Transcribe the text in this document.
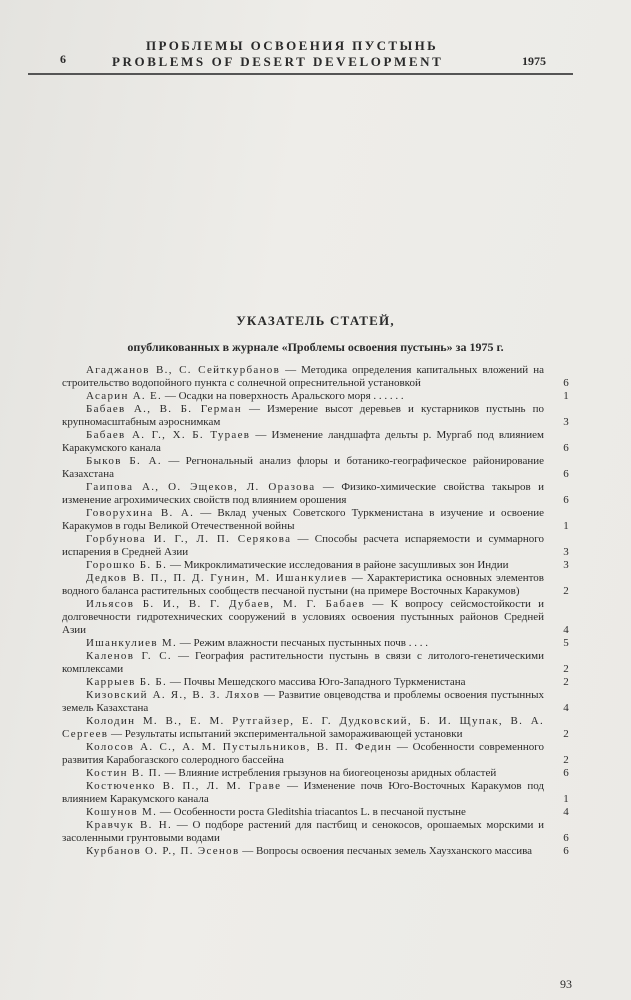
6
ПРОБЛЕМЫ ОСВОЕНИЯ ПУСТЫНЬ
PROBLEMS OF DESERT DEVELOPMENT	1975
УКАЗАТЕЛЬ СТАТЕЙ,
опубликованных в журнале «Проблемы освоения пустынь» за 1975 г.
Агаджанов В., С. Сейткурбанов — Методика определения капитальных вложений на строительство водопойного пункта с солнечной опреснительной установкой	6
Асарин А. Е. — Осадки на поверхность Аральского моря . . . . . .	1
Бабаев А., В. Б. Герман — Измерение высот деревьев и кустарников пустынь по крупномасштабным аэроснимкам	3
Бабаев А. Г., Х. Б. Тураев — Изменение ландшафта дельты р. Мургаб под влиянием Каракумского канала	6
Быков Б. А. — Регнональный анализ флоры и ботанико-географическое районирование Казахстана	6
Гаипова А., О. Эщеков, Л. Оразова — Физико-химические свойства такыров и изменение агрохимических свойств под влиянием орошения	6
Говорухина В. А. — Вклад ученых Советского Туркменистана в изучение и освоение Каракумов в годы Великой Отечественной войны	1
Горбунова И. Г., Л. П. Серякова — Способы расчета испаряемости и суммарного испарения в Средней Азии	3
Горошко Б. Б. — Микроклиматические исследования в районе засушливых зон Индии	3
Дедков В. П., П. Д. Гунин, М. Ишанкулиев — Характеристика основных элементов водного баланса растительных сообществ песчаной пустыни (на примере Восточных Каракумов)	2
Ильясов Б. И., В. Г. Дубаев, М. Г. Бабаев — К вопросу сейсмостойкости и долговечности гидротехнических сооружений в условиях освоения пустынных районов Средней Азии	4
Ишанкулиев М. — Режим влажности песчаных пустынных почв . . . .	5
Каленов Г. С. — География растительности пустынь в связи с литолого-генетическими комплексами	2
Каррыев Б. Б. — Почвы Мешедского массива Юго-Западного Туркменистана	2
Кизовский А. Я., В. З. Ляхов — Развитие овцеводства и проблемы освоения пустынных земель Казахстана	4
Колодин М. В., Е. М. Рутгайзер, Е. Г. Дудковский, Б. И. Щупак, В. А. Сергеев — Результаты испытаний экспериментальной замораживающей установки	2
Колосов А. С., А. М. Пустыльников, В. П. Федин — Особенности современного развития Карабогазского солеродного бассейна	2
Костин В. П. — Влияние истребления грызунов на биогеоценозы аридных областей	6
Костюченко В. П., Л. М. Граве — Изменение почв Юго-Восточных Каракумов под влиянием Каракумского канала	1
Кошунов М. — Особенности роста Gleditshia triacantos L. в песчаной пустыне	4
Кравчук В. Н. — О подборе растений для пастбищ и сенокосов, орошаемых морскими и засоленными грунтовыми водами	6
Курбанов О. Р., П. Эсенов — Вопросы освоения песчаных земель Хаузханского массива	6
93
